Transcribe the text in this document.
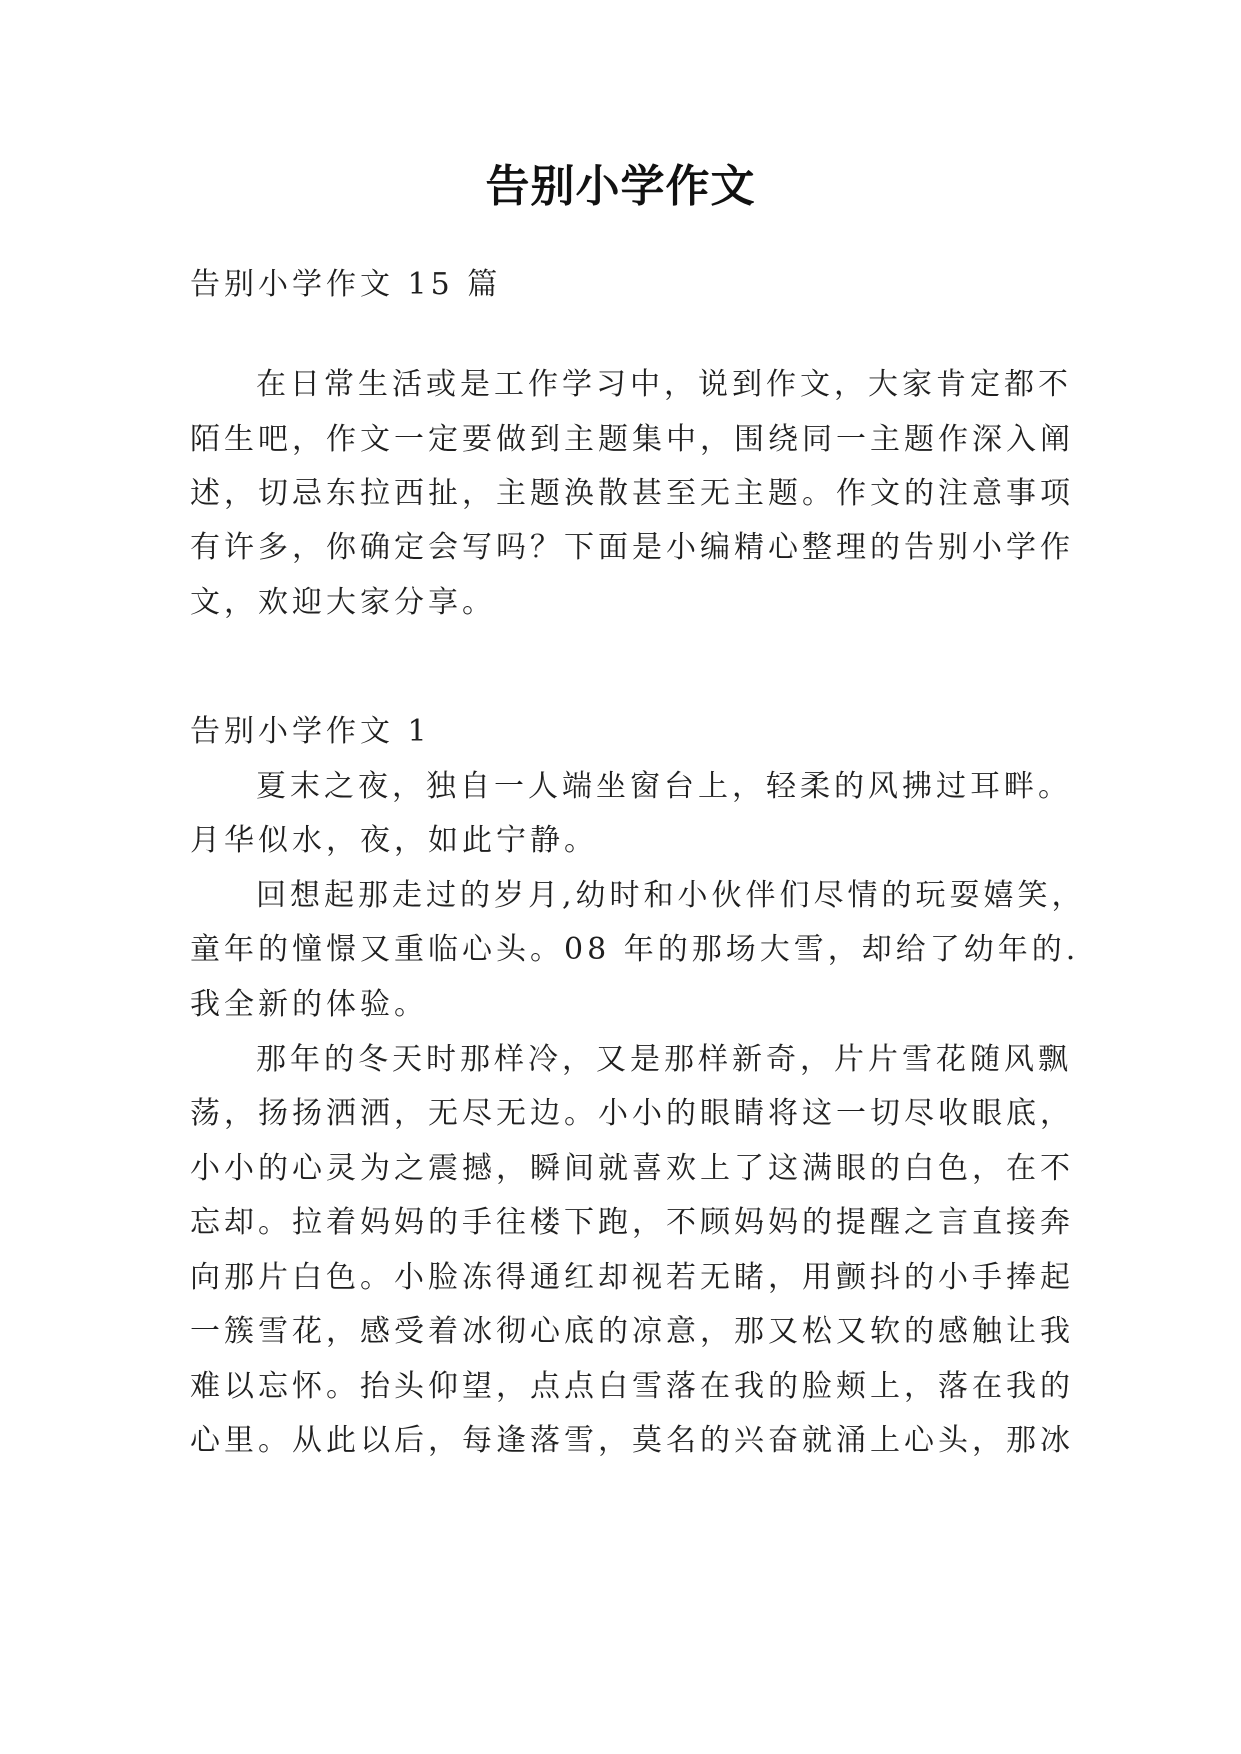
告别小学作文
告别小学作文 15 篇
在日常生活或是工作学习中，说到作文，大家肯定都不
陌生吧，作文一定要做到主题集中，围绕同一主题作深入阐
述，切忌东拉西扯，主题涣散甚至无主题。作文的注意事项
有许多，你确定会写吗？下面是小编精心整理的告别小学作
文，欢迎大家分享。
告别小学作文 1
夏末之夜，独自一人端坐窗台上，轻柔的风拂过耳畔。
月华似水，夜，如此宁静。
回想起那走过的岁月,幼时和小伙伴们尽情的玩耍嬉笑，
童年的憧憬又重临心头。08 年的那场大雪，却给了幼年的.
我全新的体验。
那年的冬天时那样冷，又是那样新奇，片片雪花随风飘
荡，扬扬洒洒，无尽无边。小小的眼睛将这一切尽收眼底，
小小的心灵为之震撼，瞬间就喜欢上了这满眼的白色，在不
忘却。拉着妈妈的手往楼下跑，不顾妈妈的提醒之言直接奔
向那片白色。小脸冻得通红却视若无睹，用颤抖的小手捧起
一簇雪花，感受着冰彻心底的凉意，那又松又软的感触让我
难以忘怀。抬头仰望，点点白雪落在我的脸颊上，落在我的
心里。从此以后，每逢落雪，莫名的兴奋就涌上心头，那冰
